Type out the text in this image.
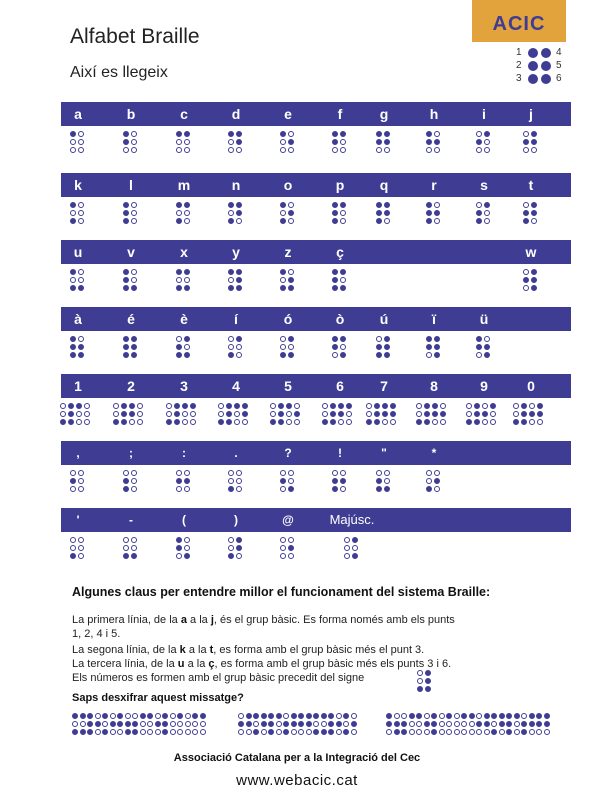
Alfabet Braille
Així es llegeix
ACIC
1
2
3
4
5
6
a	b	c	d	e	f	g	h	i	j
k	l	m	n	o	p	q	r	s	t
u	v	x	y	z	ç	w
à	é	è	í	ó	ò	ú	ï	ü
1	2	3	4	5	6	7	8	9	0
,	;	:	.	?	!	"	*
'	-	(	)	@	Majúsc.
Algunes claus per entendre millor el funcionament del sistema Braille:
La primera línia, de la a a la j, és el grup bàsic. Es forma només amb els punts
1, 2, 4 i 5.
La segona línia, de la k a la t, es forma amb el grup bàsic més el punt 3.
La tercera línia, de la u a la ç, es forma amb el grup bàsic més els punts 3 i 6.
Els números es formen amb el grup bàsic precedit del signe
Saps desxifrar aquest missatge?
Associació Catalana per a la Integració del Cec
www.webacic.cat
